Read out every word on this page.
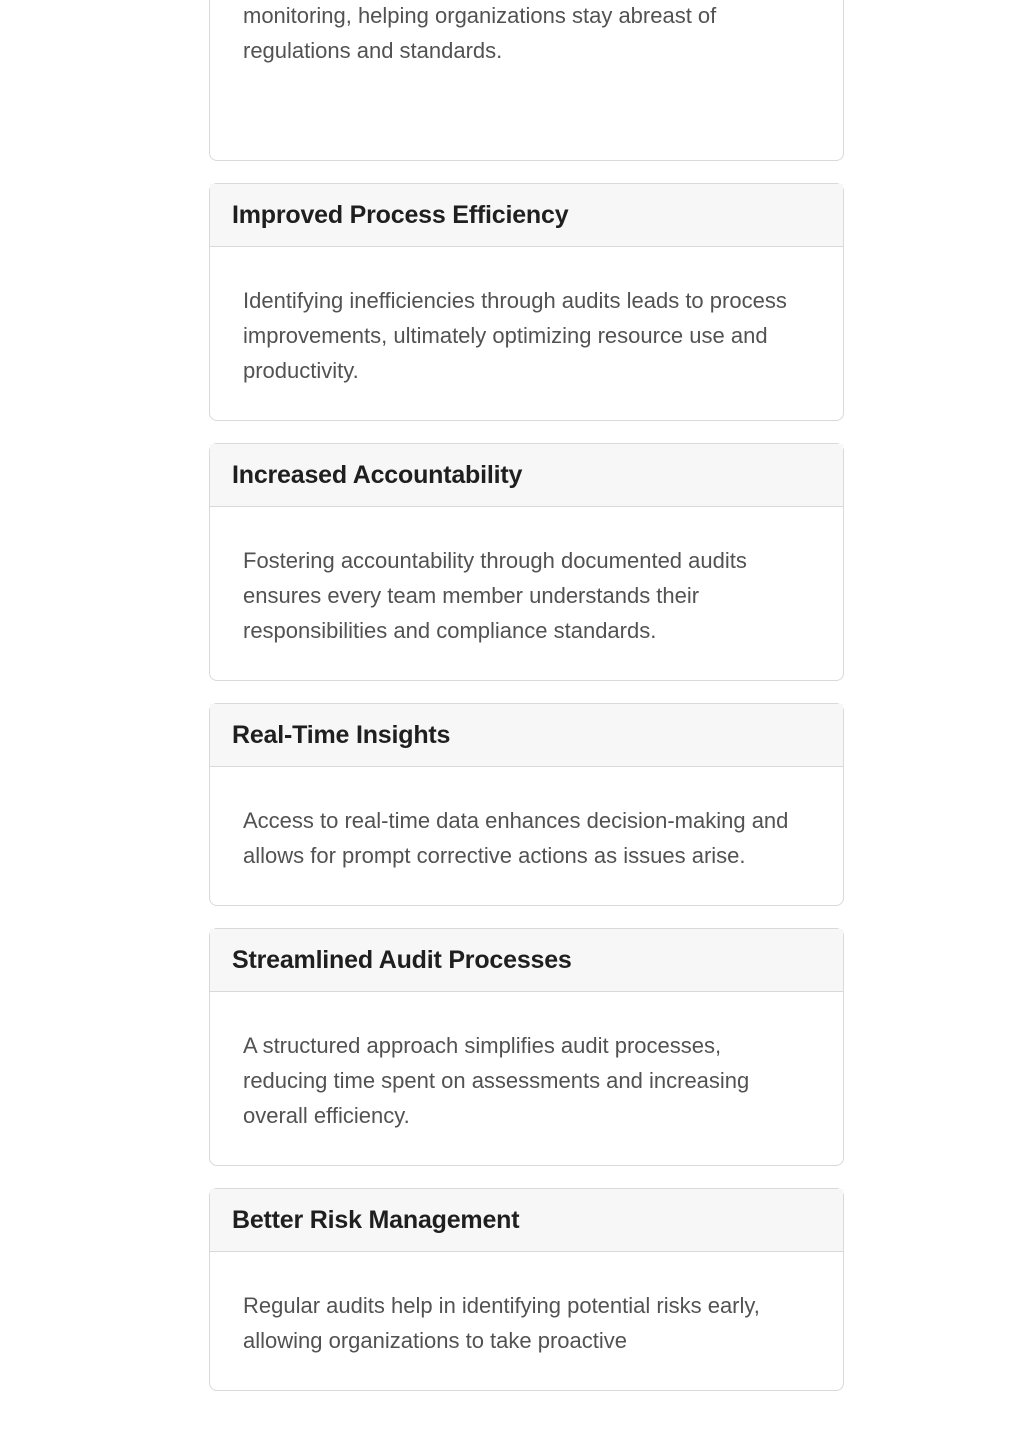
monitoring, helping organizations stay abreast of regulations and standards.

Improved Process Efficiency

Identifying inefficiencies through audits leads to process improvements, ultimately optimizing resource use and productivity.

Increased Accountability

Fostering accountability through documented audits ensures every team member understands their responsibilities and compliance standards.

Real-Time Insights

Access to real-time data enhances decision-making and allows for prompt corrective actions as issues arise.

Streamlined Audit Processes

A structured approach simplifies audit processes, reducing time spent on assessments and increasing overall efficiency.

Better Risk Management

Regular audits help in identifying potential risks early, allowing organizations to take proactive
